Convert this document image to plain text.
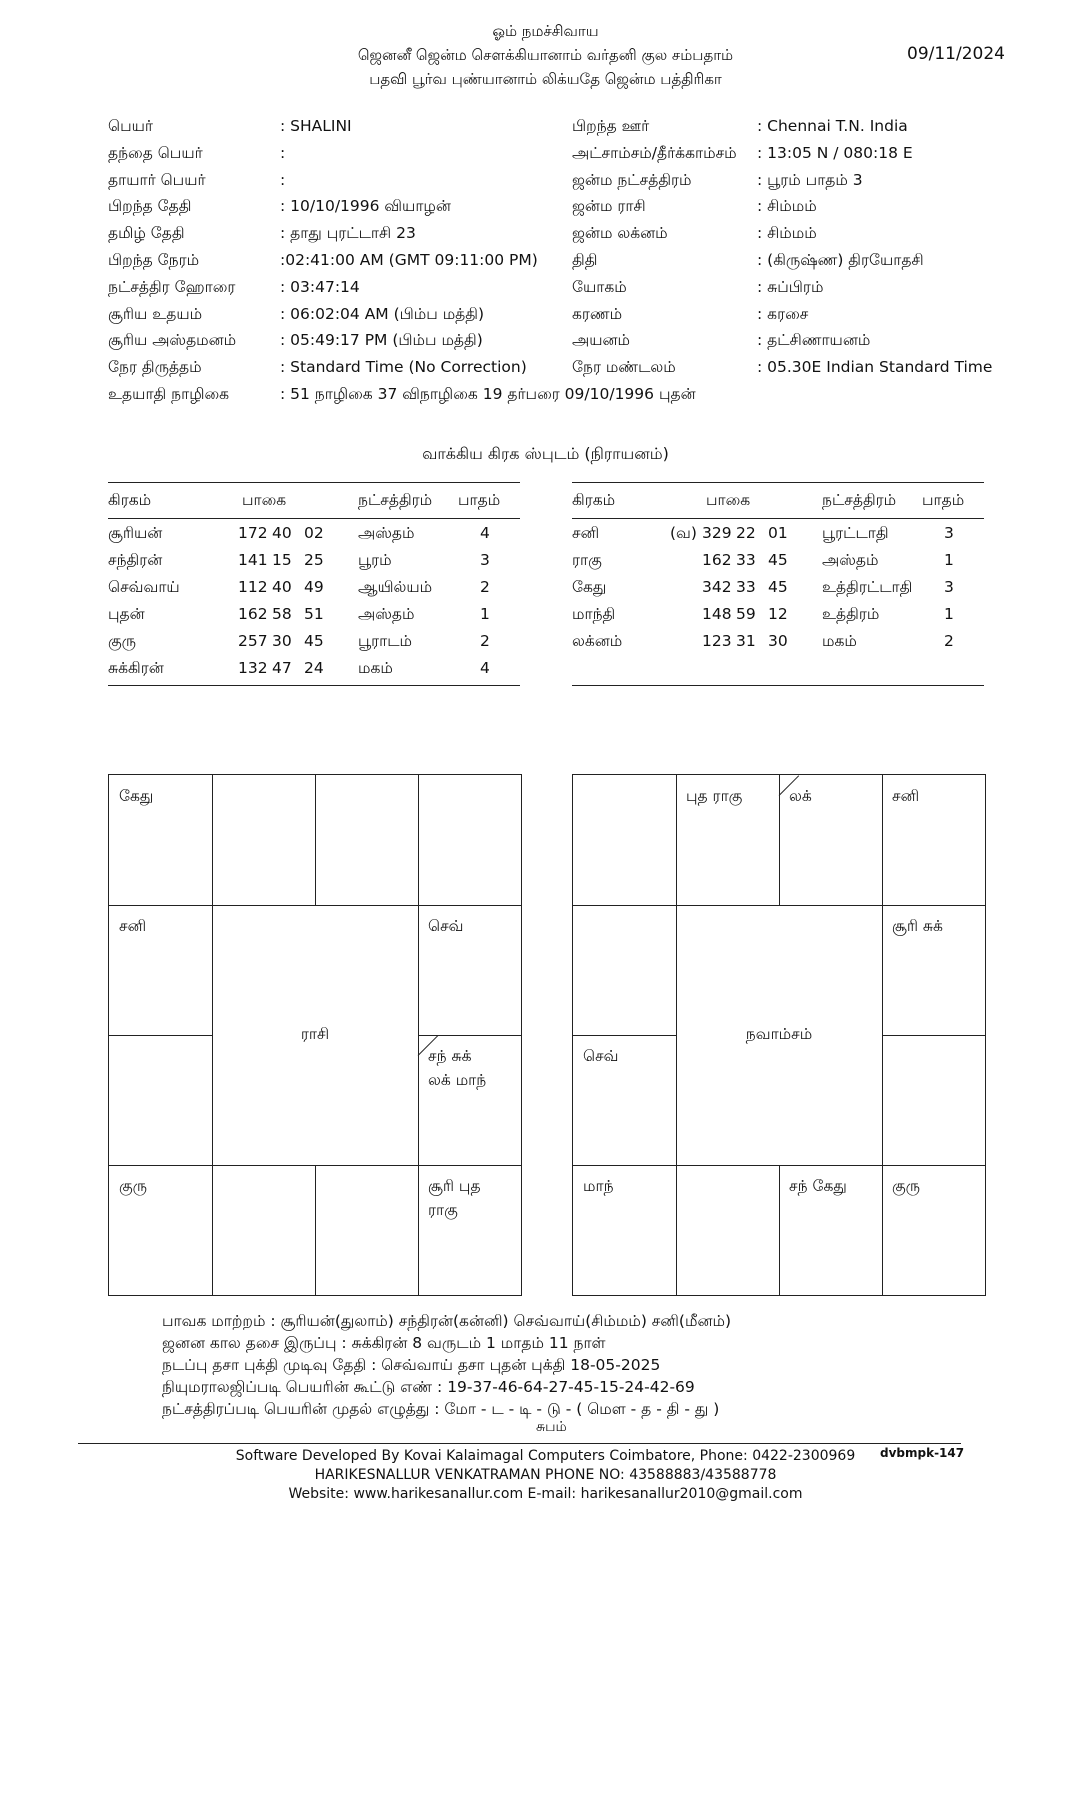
ஓம் நமச்சிவாய
ஜெனனீ ஜென்ம சௌக்கியானாம் வர்தனி குல சம்பதாம்
பதவி பூர்வ புண்யானாம் லிக்யதே ஜென்ம பத்திரிகா
09/11/2024
பெயர்	: SHALINI
தந்தை பெயர்	:
தாயார் பெயர்	:
பிறந்த தேதி	: 10/10/1996 வியாழன்
தமிழ் தேதி	: தாது புரட்டாசி 23
பிறந்த நேரம்	:02:41:00 AM (GMT 09:11:00 PM)
நட்சத்திர ஹோரை	: 03:47:14
சூரிய உதயம்	: 06:02:04 AM (பிம்ப மத்தி)
சூரிய அஸ்தமனம்	: 05:49:17 PM (பிம்ப மத்தி)
நேர திருத்தம்	: Standard Time (No Correction)
உதயாதி நாழிகை	: 51 நாழிகை 37 விநாழிகை 19 தர்பரை 09/10/1996 புதன்
பிறந்த ஊர்	: Chennai T.N. India
அட்சாம்சம்/தீர்க்காம்சம் : 13:05 N / 080:18 E
ஜன்ம நட்சத்திரம்	: பூரம் பாதம் 3
ஜன்ம ராசி	: சிம்மம்
ஜன்ம லக்னம்	: சிம்மம்
திதி	: (கிருஷ்ண) திரயோதசி
யோகம்	: சுப்பிரம்
கரணம்	: கரசை
அயனம்	: தட்சிணாயனம்
நேர மண்டலம்	: 05.30E Indian Standard Time
வாக்கிய கிரக ஸ்புடம் (நிராயனம்)
கிரகம்	பாகை	நட்சத்திரம் பாதம்
சூரியன்	172 40 02 அஸ்தம்	4
சந்திரன்	141 15 25 பூரம்	3
செவ்வாய்	112 40 49 ஆயில்யம்	2
புதன்	162 58 51 அஸ்தம்	1
குரு	257 30 45 பூராடம்	2
சுக்கிரன்	132 47 24 மகம்	4
கிரகம்	பாகை	நட்சத்திரம் பாதம்
சனி	(வ) 329 22 01 பூரட்டாதி	3
ராகு	162 33 45 அஸ்தம்	1
கேது	342 33 45 உத்திரட்டாதி 3
மாந்தி	148 59 12 உத்திரம்	1
லக்னம்	123 31 30 மகம்	2
ராசி
கேது
சனி	செவ்
சந் சுக்
லக் மாந்
குரு	சூரி புத
ராகு
நவாம்சம்
புத ராகு	லக்	சனி
சூரி சுக்
செவ்
மாந்	சந் கேது	குரு
பாவக மாற்றம் : சூரியன்(துலாம்) சந்திரன்(கன்னி) செவ்வாய்(சிம்மம்) சனி(மீனம்)
ஜனன கால தசை இருப்பு : சுக்கிரன் 8 வருடம் 1 மாதம் 11 நாள்
நடப்பு தசா புக்தி முடிவு தேதி : செவ்வாய் தசா புதன் புக்தி 18-05-2025
நியுமராலஜிப்படி பெயரின் கூட்டு எண் : 19-37-46-64-27-45-15-24-42-69
நட்சத்திரப்படி பெயரின் முதல் எழுத்து : மோ - ட - டி - டு - ( மௌ - த - தி - து )
சுபம்
Software Developed By Kovai Kalaimagal Computers Coimbatore, Phone: 0422-2300969	dvbmpk-147
HARIKESNALLUR VENKATRAMAN PHONE NO: 43588883/43588778
Website: www.harikesanallur.com E-mail: harikesanallur2010@gmail.com
